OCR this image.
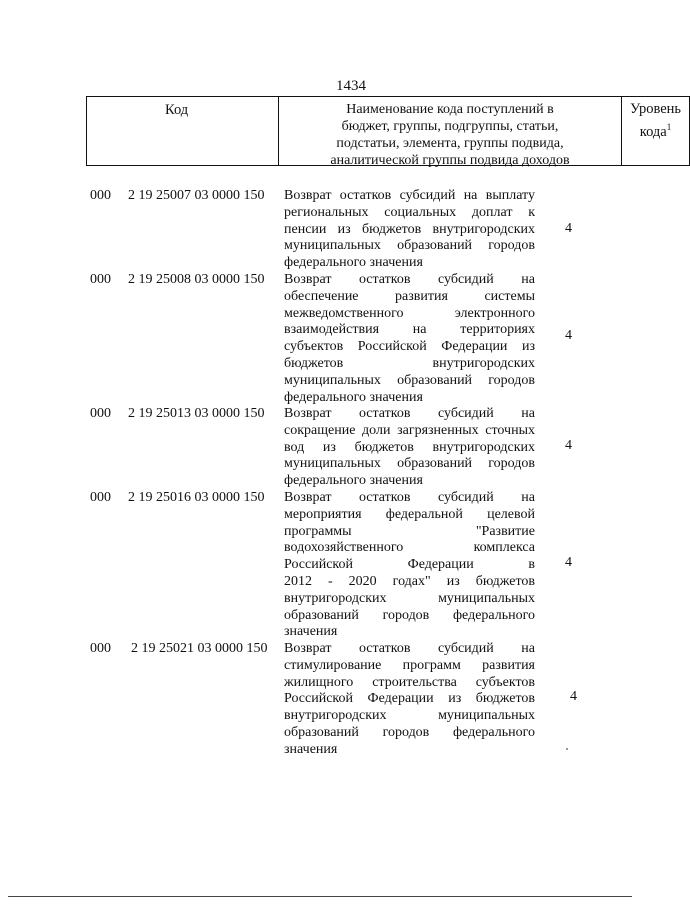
1434
Код	Наименование кода поступлений в
бюджет, группы, подгруппы, статьи,
подстатьи, элемента, группы подвида,
аналитической группы подвида доходов
Уровень
кода$^1$
000 2 19 25007 03 0000 150 Возврат остатков субсидий на выплату
региональных социальных доплат к
пенсии из бюджетов внутригородских
муниципальных образований городов
федерального значения
4
000 2 19 25008 03 0000 150 Возврат остатков субсидий на
обеспечение развития системы
межведомственного электронного
взаимодействия на территориях
субъектов Российской Федерации из
бюджетов внутригородских
муниципальных образований городов
федерального значения
4
000 2 19 25013 03 0000 150 Возврат остатков субсидий на
сокращение доли загрязненных сточных
вод из бюджетов внутригородских
муниципальных образований городов
федерального значения
4
000 2 19 25016 03 0000 150 Возврат остатков субсидий на
мероприятия федеральной целевой
программы "Развитие
водохозяйственного комплекса
Российской Федерации в
2012 - 2020 годах" из бюджетов
внутригородских муниципальных
образований городов федерального
значения
4
000 2 19 25021 03 0000 150 Возврат остатков субсидий на
стимулирование программ развития
жилищного строительства субъектов
Российской Федерации из бюджетов
внутригородских муниципальных
образований городов федерального
значения
4
